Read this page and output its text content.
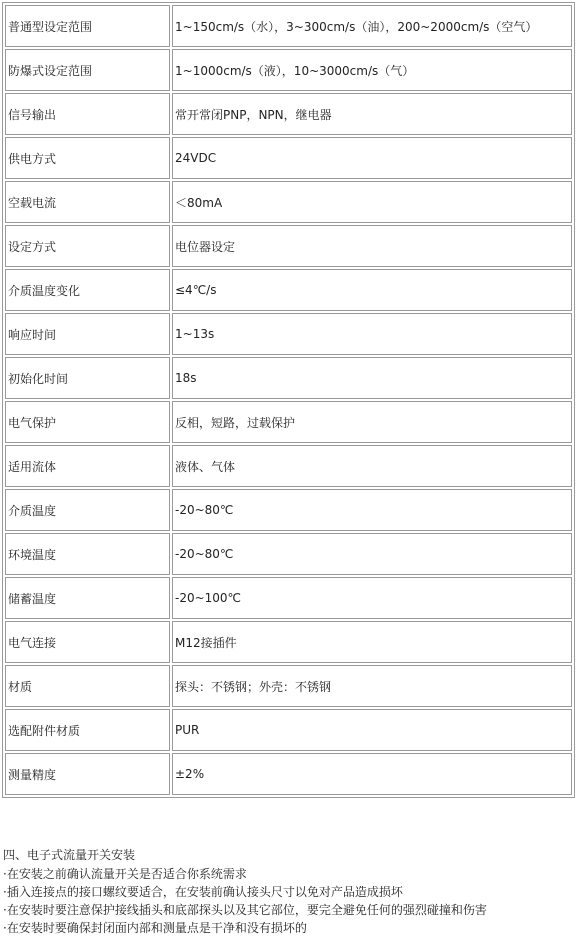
普通型设定范围	1~150cm/s（水），3~300cm/s（油），200~2000cm/s（空气）
防爆式设定范围	1~1000cm/s（液），10~3000cm/s（气）
信号输出	常开常闭PNP，NPN，继电器
供电方式	24VDC
空载电流	＜80mA
设定方式	电位器设定
介质温度变化	≤4℃/s
响应时间	1~13s
初始化时间	18s
电气保护	反相，短路，过载保护
适用流体	液体、气体
介质温度	-20~80℃
环境温度	-20~80℃
储蓄温度	-20~100℃
电气连接	M12接插件
材质	探头：不锈钢；外壳：不锈钢
选配附件材质	PUR
测量精度	±2%
四、电子式流量开关安装
·在安装之前确认流量开关是否适合你系统需求
·插入连接点的接口螺纹要适合，在安装前确认接头尺寸以免对产品造成损坏
·在安装时要注意保护接线插头和底部探头以及其它部位，要完全避免任何的强烈碰撞和伤害
·在安装时要确保封闭面内部和测量点是干净和没有损坏的
